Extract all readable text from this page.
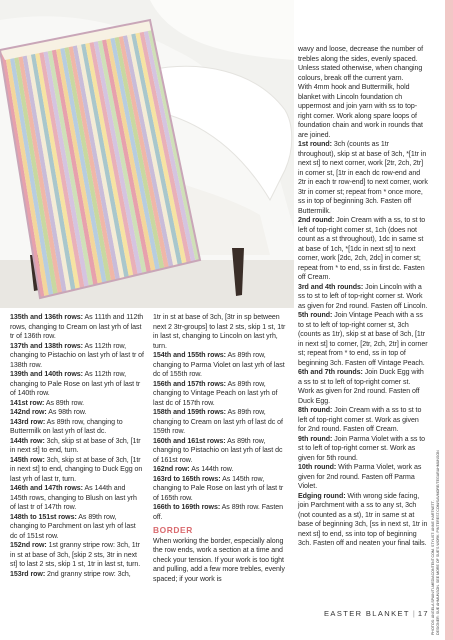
135th and 136th rows: As 111th and 112th rows, changing to Cream on last yrh of last tr of 136th row.

137th and 138th rows: As 112th row, changing to Pistachio on last yrh of last tr of 138th row.

139th and 140th rows: As 112th row, changing to Pale Rose on last yrh of last tr of 140th row.

141st row: As 89th row.

142nd row: As 98th row.

143rd row: As 89th row, changing to Buttermilk on last yrh of last dc.

144th row: 3ch, skip st at base of 3ch, [1tr in next st] to end, turn.

145th row: 3ch, skip st at base of 3ch, [1tr in next st] to end, changing to Duck Egg on last yrh of last tr, turn.

146th and 147th rows: As 144th and 145th rows, changing to Blush on last yrh of last tr of 147th row.

148th to 151st rows: As 89th row, changing to Parchment on last yrh of last dc of 151st row.

152nd row: 1st granny stripe row: 3ch, 1tr in st at base of 3ch, [skip 2 sts, 3tr in next st] to last 2 sts, skip 1 st, 1tr in last st, turn.

153rd row: 2nd granny stripe row: 3ch,

1tr in st at base of 3ch, [3tr in sp between next 2 3tr-groups] to last 2 sts, skip 1 st, 1tr in last st, changing to Lincoln on last yrh, turn.

154th and 155th rows: As 89th row, changing to Parma Violet on last yrh of last dc of 155th row.

156th and 157th rows: As 89th row, changing to Vintage Peach on last yrh of last dc of 157th row.

158th and 159th rows: As 89th row, changing to Cream on last yrh of last dc of 159th row.

160th and 161st rows: As 89th row, changing to Pistachio on last yrh of last dc of 161st row.

162nd row: As 144th row.

163rd to 165th rows: As 145th row, changing to Pale Rose on last yrh of last tr of 165th row.

166th to 169th rows: As 89th row. Fasten off.

BORDER

When working the border, especially along the row ends, work a section at a time and check your tension. If your work is too tight and pulling, add a few more trebles, evenly spaced; if your work is

wavy and loose, decrease the number of trebles along the sides, evenly spaced. Unless stated otherwise, when changing colours, break off the current yarn.

With 4mm hook and Buttermilk, hold blanket with Lincoln foundation ch uppermost and join yarn with ss to top-right corner. Work along spare loops of foundation chain and work in rounds that are joined.

1st round: 3ch (counts as 1tr throughout), skip st at base of 3ch, *[1tr in next st] to next corner, work [2tr, 2ch, 2tr] in corner st, [1tr in each dc row-end and 2tr in each tr row-end] to next corner, work 3tr in corner st; repeat from * once more, ss in top of beginning 3ch. Fasten off Buttermilk.

2nd round: Join Cream with a ss, to st to left of top-right corner st, 1ch (does not count as a st throughout), 1dc in same st at base of 1ch, *[1dc in next st] to next corner, work [2dc, 2ch, 2dc] in corner st; repeat from * to end, ss in first dc. Fasten off Cream.

3rd and 4th rounds: Join Lincoln with a ss to st to left of top-right corner st. Work as given for 2nd round. Fasten off Lincoln.

5th round: Join Vintage Peach with a ss to st to left of top-right corner st, 3ch (counts as 1tr), skip st at base of 3ch, [1tr in next st] to corner, [2tr, 2ch, 2tr] in corner st; repeat from * to end, ss in top of beginning 3ch. Fasten off Vintage Peach.

6th and 7th rounds: Join Duck Egg with a ss to st to left of top-right corner st. Work as given for 2nd round. Fasten off Duck Egg.

8th round: Join Cream with a ss to st to left of top-right corner st. Work as given for 2nd round. Fasten off Cream.

9th round: Join Parma Violet with a ss to st to left of top-right corner st. Work as given for 5th round.

10th round: With Parma Violet, work as given for 2nd round. Fasten off Parma Violet.

Edging round: With wrong side facing, join Parchment with a ss to any st, 3ch (not counted as a st), 1tr in same st at base of beginning 3ch, [ss in next st, 1tr in next st] to end, ss into top of beginning 3ch. Fasten off and neaten your final tails.	PHOTOS: ANGELA SPAIN/TI-MEDIACONTENT.COM. STYLIST: ANNE HARTNETT. DESIGNER: SUE AHMUNSON. SEE MORE OF SUE'S WORK: PINTEREST.COM/SAVMORE/TEGARAHMUNSON
EASTER BLANKET | 17
